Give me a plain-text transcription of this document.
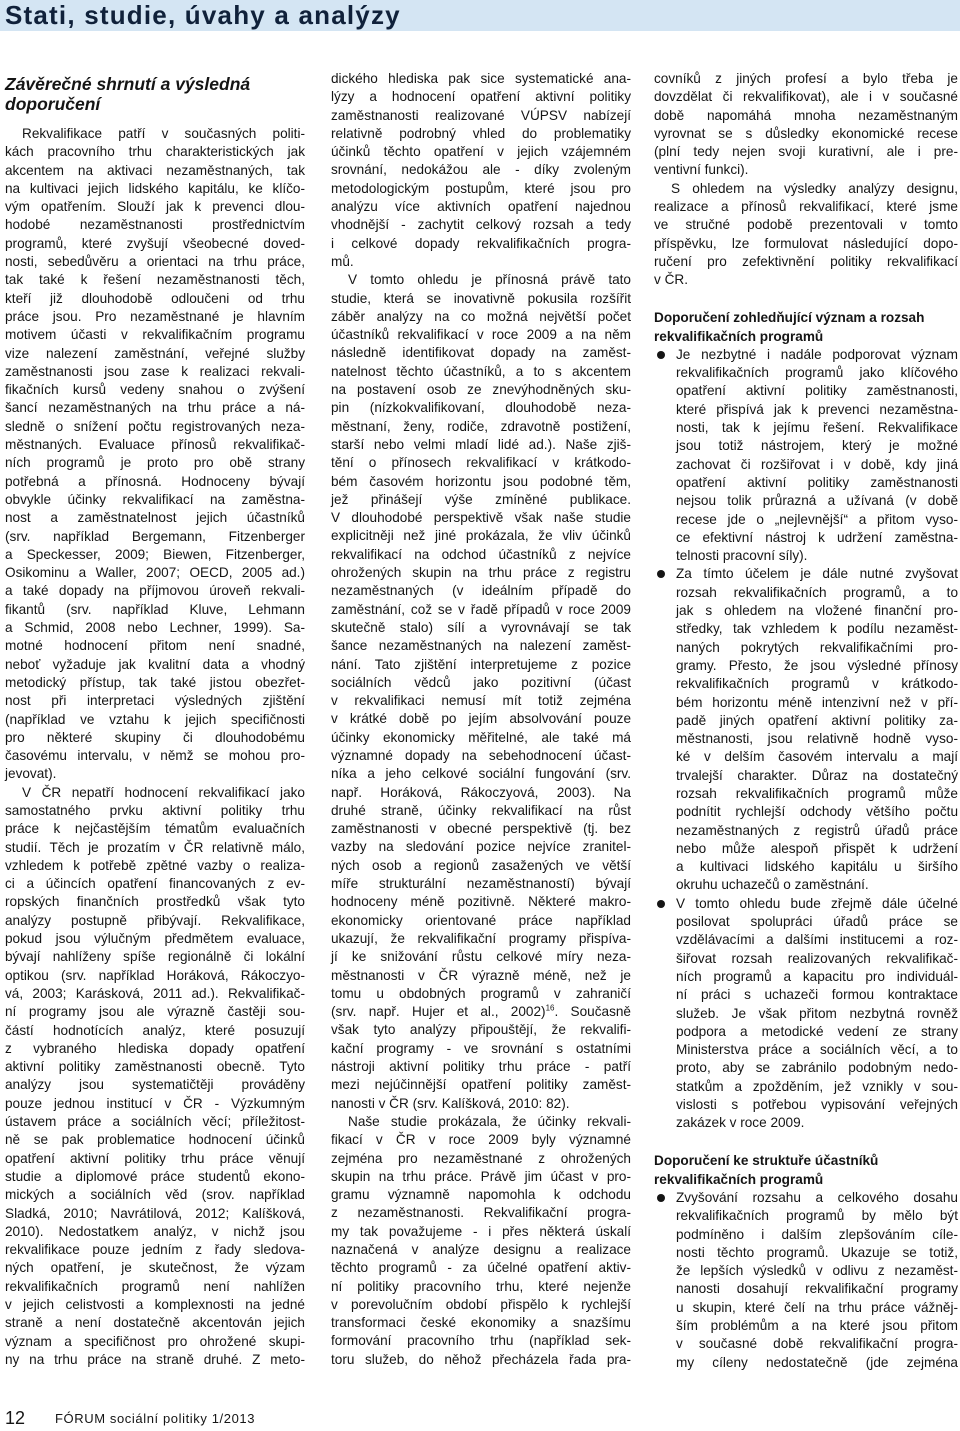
Stati, studie, úvahy a analýzy
Závěrečné shrnutí a výsledná
doporučení
Rekvalifikace patří v současných politi-
kách pracovního trhu charakteristických jak
akcentem na aktivaci nezaměstnaných, tak
na kultivaci jejich lidského kapitálu, ke klíčo-
vým opatřením. Slouží jak k prevenci dlou-
hodobé nezaměstnanosti prostřednictvím
programů, které zvyšují všeobecné doved-
nosti, sebedůvěru a orientaci na trhu práce,
tak také k řešení nezaměstnanosti těch,
kteří již dlouhodobě odloučeni od trhu
práce jsou. Pro nezaměstnané je hlavním
motivem účasti v rekvalifikačním programu
vize nalezení zaměstnání, veřejné služby
zaměstnanosti jsou zase k realizaci rekvali-
fikačních kursů vedeny snahou o zvýšení
šancí nezaměstnaných na trhu práce a ná-
sledně o snížení počtu registrovaných neza-
městnaných. Evaluace přínosů rekvalifikač-
ních programů je proto pro obě strany
potřebná a přínosná. Hodnoceny bývají
obvykle účinky rekvalifikací na zaměstna-
nost a zaměstnatelnost jejich účastníků
(srv. například Bergemann, Fitzenberger
a Speckesser, 2009; Biewen, Fitzenberger,
Osikominu a Waller, 2007; OECD, 2005 ad.)
a také dopady na příjmovou úroveň rekvali-
fikantů (srv. například Kluve, Lehmann
a Schmid, 2008 nebo Lechner, 1999). Sa-
motné hodnocení přitom není snadné,
neboť vyžaduje jak kvalitní data a vhodný
metodický přístup, tak také jistou obezřet-
nost při interpretaci výsledných zjištění
(například ve vztahu k jejich specifičnosti
pro některé skupiny či dlouhodobému
časovému intervalu, v němž se mohou pro-
jevovat).
V ČR nepatří hodnocení rekvalifikací jako
samostatného prvku aktivní politiky trhu
práce k nejčastějším tématům evaluačních
studií. Těch je prozatím v ČR relativně málo,
vzhledem k potřebě zpětné vazby o realiza-
ci a účincích opatření financovaných z ev-
ropských finančních prostředků však tyto
analýzy postupně přibývají. Rekvalifikace,
pokud jsou výlučným předmětem evaluace,
bývají nahlíženy spíše regionálně či lokální
optikou (srv. například Horáková, Rákoczyo-
vá, 2003; Karásková, 2011 ad.). Rekvalifikač-
ní programy jsou ale výrazně častěji sou-
částí hodnotících analýz, které posuzují
z vybraného hlediska dopady opatření
aktivní politiky zaměstnanosti obecně. Tyto
analýzy jsou systematičtěji prováděny
pouze jednou institucí v ČR - Výzkumným
ústavem práce a sociálních věcí; příležitost-
ně se pak problematice hodnocení účinků
opatření aktivní politiky trhu práce věnují
studie a diplomové práce studentů ekono-
mických a sociálních věd (srov. například
Sladká, 2010; Navrátilová, 2012; Kalíšková,
2010). Nedostatkem analýz, v nichž jsou
rekvalifikace pouze jedním z řady sledova-
ných opatření, je skutečnost, že výzam
rekvalifikačních programů není nahlížen
v jejich celistvosti a komplexnosti na jedné
straně a není dostatečně akcentován jejich
význam a specifičnost pro ohrožené skupi-
ny na trhu práce na straně druhé. Z meto-
dického hlediska pak sice systematické ana-
lýzy a hodnocení opatření aktivní politiky
zaměstnanosti realizované VÚPSV nabízejí
relativně podrobný vhled do problematiky
účinků těchto opatření v jejich vzájemném
srovnání, nedokážou ale - díky zvoleným
metodologickým postupům, které jsou pro
analýzu více aktivních opatření najednou
vhodnější - zachytit celkový rozsah a tedy
i celkové dopady rekvalifikačních progra-
mů.
V tomto ohledu je přínosná právě tato
studie, která se inovativně pokusila rozšířit
záběr analýzy na co možná největší počet
účastníků rekvalifikací v roce 2009 a na něm
následně identifikovat dopady na zaměst-
natelnost těchto účastníků, a to s akcentem
na postavení osob ze znevýhodněných sku-
pin (nízkokvalifikovaní, dlouhodobě neza-
městnaní, ženy, rodiče, zdravotně postižení,
starší nebo velmi mladí lidé ad.). Naše zjiš-
tění o přínosech rekvalifikací v krátkodo-
bém časovém horizontu jsou podobné těm,
jež přinášejí výše zmíněné publikace.
V dlouhodobé perspektivě však naše studie
explicitněji než jiné prokázala, že vliv účinků
rekvalifikací na odchod účastníků z nejvíce
ohrožených skupin na trhu práce z registru
nezaměstnaných (v ideálním případě do
zaměstnání, což se v řadě případů v roce 2009
skutečně stalo) sílí a vyrovnávají se tak
šance nezaměstnaných na nalezení zaměst-
nání. Tato zjištění interpretujeme z pozice
sociálních vědců jako pozitivní (účast
v rekvalifikaci nemusí mít totiž zejména
v krátké době po jejím absolvování pouze
účinky ekonomicky měřitelné, ale také má
významné dopady na sebehodnocení účast-
níka a jeho celkové sociální fungování (srv.
např. Horáková, Rákoczyová, 2003). Na
druhé straně, účinky rekvalifikací na růst
zaměstnanosti v obecné perspektivě (tj. bez
vazby na sledování pozice nejvíce zranitel-
ných osob a regionů zasažených ve větší
míře strukturální nezaměstnaností) bývají
hodnoceny méně pozitivně. Některé makro-
ekonomicky orientované práce například
ukazují, že rekvalifikační programy přispíva-
jí ke snižování růstu celkové míry neza-
městnanosti v ČR výrazně méně, než je
tomu u obdobných programů v zahraničí
(srv. např. Hujer et al., 2002)$^{16}$. Současně
však tyto analýzy připouštějí, že rekvalifi-
kační programy - ve srovnání s ostatními
nástroji aktivní politiky trhu práce - patří
mezi nejúčinnější opatření politiky zaměst-
nanosti v ČR (srv. Kalíšková, 2010: 82).
Naše studie prokázala, že účinky rekvali-
fikací v ČR v roce 2009 byly významné
zejména pro nezaměstnané z ohrožených
skupin na trhu práce. Právě jim účast v pro-
gramu významně napomohla k odchodu
z nezaměstnanosti. Rekvalifikační progra-
my tak považujeme - i přes některá úskalí
naznačená v analýze designu a realizace
těchto programů - za účelné opatření aktiv-
ní politiky pracovního trhu, které nejenže
v porevolučním období přispělo k rychlejší
transformaci české ekonomiky a snazšímu
formování pracovního trhu (například sek-
toru služeb, do něhož přecházela řada pra-
covníků z jiných profesí a bylo třeba je
dovzdělat či rekvalifikovat), ale i v současné
době napomáhá mnoha nezaměstnaným
vyrovnat se s důsledky ekonomické recese
(plní tedy nejen svoji kurativní, ale i pre-
ventivní funkci).
S ohledem na výsledky analýzy designu,
realizace a přínosů rekvalifikací, které jsme
ve stručné podobě prezentovali v tomto
příspěvku, lze formulovat následující dopo-
ručení pro zefektivnění politiky rekvalifikací
v ČR.
Doporučení zohledňující význam a rozsah
rekvalifikačních programů
Je nezbytné i nadále podporovat význam
rekvalifikačních programů jako klíčového
opatření aktivní politiky zaměstnanosti,
které přispívá jak k prevenci nezaměstna-
nosti, tak k jejímu řešení. Rekvalifikace
jsou totiž nástrojem, který je možné
zachovat či rozšiřovat i v době, kdy jiná
opatření aktivní politiky zaměstnanosti
nejsou tolik průrazná a užívaná (v době
recese jde o „nejlevnější“ a přitom vyso-
ce efektivní nástroj k udržení zaměstna-
telnosti pracovní síly).
Za tímto účelem je dále nutné zvyšovat
rozsah rekvalifikačních programů, a to
jak s ohledem na vložené finanční pro-
středky, tak vzhledem k podílu nezaměst-
naných pokrytých rekvalifikačními pro-
gramy. Přesto, že jsou výsledné přínosy
rekvalifikačních programů v krátkodo-
bém horizontu méně intenzivní než v pří-
padě jiných opatření aktivní politiky za-
městnanosti, jsou relativně hodně vyso-
ké v delším časovém intervalu a mají
trvalejší charakter. Důraz na dostatečný
rozsah rekvalifikačních programů může
podnítit rychlejší odchody většího počtu
nezaměstnaných z registrů úřadů práce
nebo může alespoň přispět k udržení
a kultivaci lidského kapitálu u širšího
okruhu uchazečů o zaměstnání.
V tomto ohledu bude zřejmě dále účelné
posilovat spolupráci úřadů práce se
vzdělávacími a dalšími institucemi a roz-
šiřovat rozsah realizovaných rekvalifikač-
ních programů a kapacitu pro individuál-
ní práci s uchazeči formou kontraktace
služeb. Je však přitom nezbytná rovněž
podpora a metodické vedení ze strany
Ministerstva práce a sociálních věcí, a to
proto, aby se zabránilo podobným nedo-
statkům a zpožděním, jež vznikly v sou-
vislosti s potřebou vypisování veřejných
zakázek v roce 2009.
Doporučení ke struktuře účastníků
rekvalifikačních programů
Zvyšování rozsahu a celkového dosahu
rekvalifikačních programů by mělo být
podmíněno i dalším zlepšováním cíle-
nosti těchto programů. Ukazuje se totiž,
že lepších výsledků v odlivu z nezaměst-
nanosti dosahují rekvalifikační programy
u skupin, které čelí na trhu práce vážněj-
ším problémům a na které jsou přitom
v současné době rekvalifikační progra-
my cíleny nedostatečně (jde zejména
12 FÓRUM sociální politiky 1/2013
